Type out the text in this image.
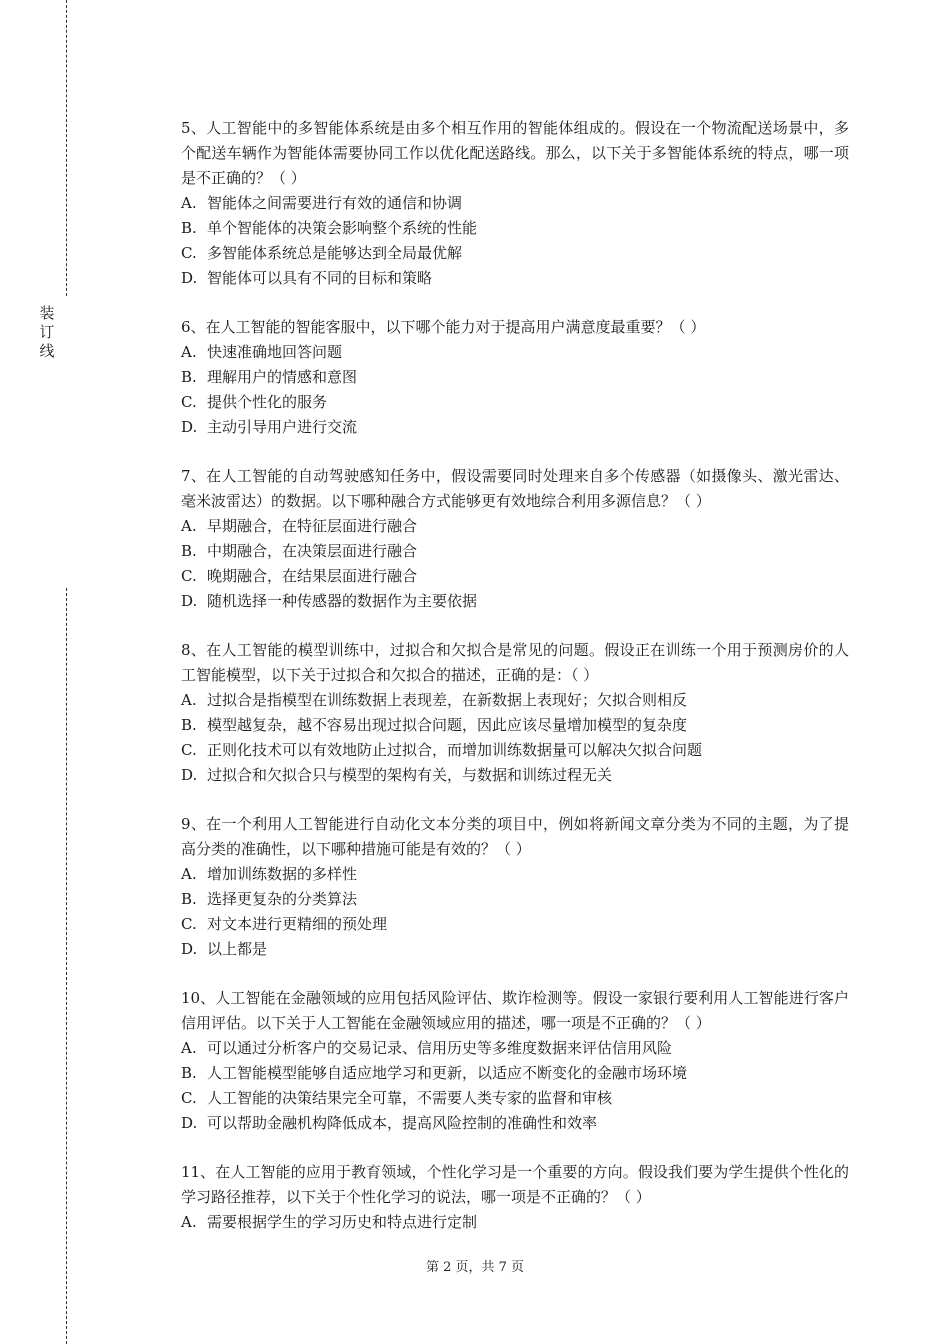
装
订
线
5、人工智能中的多智能体系统是由多个相互作用的智能体组成的。假设在一个物流配送场景中，多个配送车辆作为智能体需要协同工作以优化配送路线。那么，以下关于多智能体系统的特点，哪一项是不正确的？（ ）
A. 智能体之间需要进行有效的通信和协调
B. 单个智能体的决策会影响整个系统的性能
C. 多智能体系统总是能够达到全局最优解
D. 智能体可以具有不同的目标和策略
6、在人工智能的智能客服中，以下哪个能力对于提高用户满意度最重要？（ ）
A. 快速准确地回答问题
B. 理解用户的情感和意图
C. 提供个性化的服务
D. 主动引导用户进行交流
7、在人工智能的自动驾驶感知任务中，假设需要同时处理来自多个传感器（如摄像头、激光雷达、毫米波雷达）的数据。以下哪种融合方式能够更有效地综合利用多源信息？（ ）
A. 早期融合，在特征层面进行融合
B. 中期融合，在决策层面进行融合
C. 晚期融合，在结果层面进行融合
D. 随机选择一种传感器的数据作为主要依据
8、在人工智能的模型训练中，过拟合和欠拟合是常见的问题。假设正在训练一个用于预测房价的人工智能模型，以下关于过拟合和欠拟合的描述，正确的是：（ ）
A. 过拟合是指模型在训练数据上表现差，在新数据上表现好；欠拟合则相反
B. 模型越复杂，越不容易出现过拟合问题，因此应该尽量增加模型的复杂度
C. 正则化技术可以有效地防止过拟合，而增加训练数据量可以解决欠拟合问题
D. 过拟合和欠拟合只与模型的架构有关，与数据和训练过程无关
9、在一个利用人工智能进行自动化文本分类的项目中，例如将新闻文章分类为不同的主题，为了提高分类的准确性，以下哪种措施可能是有效的？（ ）
A. 增加训练数据的多样性
B. 选择更复杂的分类算法
C. 对文本进行更精细的预处理
D. 以上都是
10、人工智能在金融领域的应用包括风险评估、欺诈检测等。假设一家银行要利用人工智能进行客户信用评估。以下关于人工智能在金融领域应用的描述，哪一项是不正确的？（ ）
A. 可以通过分析客户的交易记录、信用历史等多维度数据来评估信用风险
B. 人工智能模型能够自适应地学习和更新，以适应不断变化的金融市场环境
C. 人工智能的决策结果完全可靠，不需要人类专家的监督和审核
D. 可以帮助金融机构降低成本，提高风险控制的准确性和效率
11、在人工智能的应用于教育领域，个性化学习是一个重要的方向。假设我们要为学生提供个性化的学习路径推荐，以下关于个性化学习的说法，哪一项是不正确的？（ ）
A. 需要根据学生的学习历史和特点进行定制
第 2 页，共 7 页
